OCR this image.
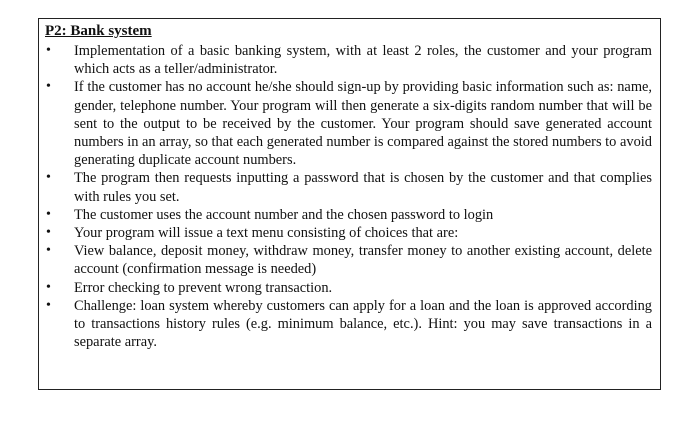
P2: Bank system
• Implementation of a basic banking system, with at least 2 roles, the customer and your program which acts as a teller/administrator.
• If the customer has no account he/she should sign-up by providing basic information such as: name, gender, telephone number. Your program will then generate a six-digits random number that will be sent to the output to be received by the customer. Your program should save generated account numbers in an array, so that each generated number is compared against the stored numbers to avoid generating duplicate account numbers.
• The program then requests inputting a password that is chosen by the customer and that complies with rules you set.
• The customer uses the account number and the chosen password to login
• Your program will issue a text menu consisting of choices that are:
• View balance, deposit money, withdraw money, transfer money to another existing account, delete account (confirmation message is needed)
• Error checking to prevent wrong transaction.
• Challenge: loan system whereby customers can apply for a loan and the loan is approved according to transactions history rules (e.g. minimum balance, etc.). Hint: you may save transactions in a separate array.
